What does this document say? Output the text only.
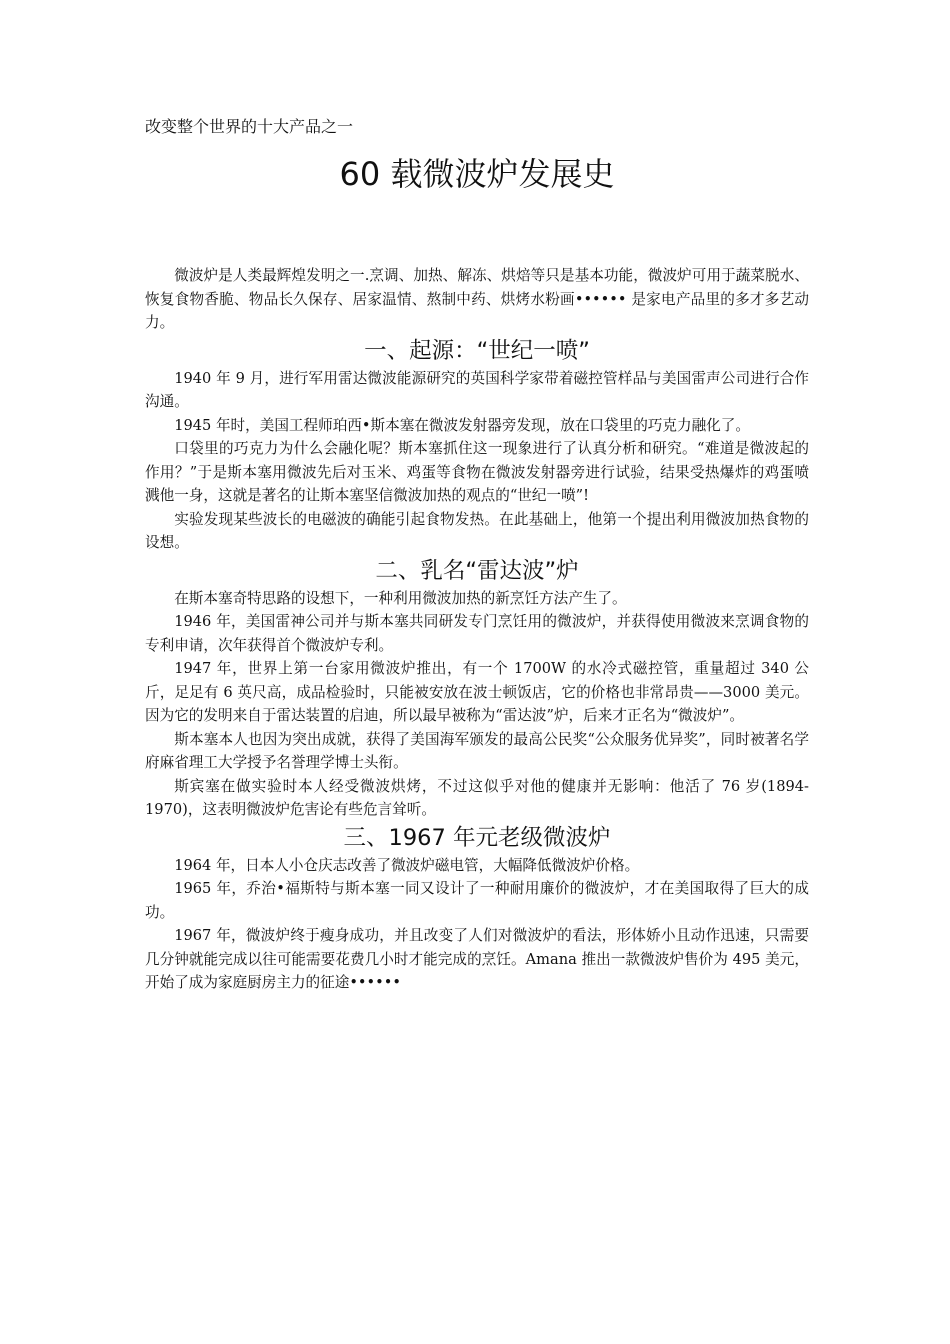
改变整个世界的十大产品之一
60 载微波炉发展史

微波炉是人类最辉煌发明之一.烹调、加热、解冻、烘焙等只是基本功能，微波炉可用于蔬菜脱水、恢复食物香脆、物品长久保存、居家温情、熬制中药、烘烤水粉画•••••• 是家电产品里的多才多艺动力。

一、起源：“世纪一喷”

1940 年 9 月，进行军用雷达微波能源研究的英国科学家带着磁控管样品与美国雷声公司进行合作沟通。

1945 年时，美国工程师珀西•斯本塞在微波发射器旁发现，放在口袋里的巧克力融化了。

口袋里的巧克力为什么会融化呢？斯本塞抓住这一现象进行了认真分析和研究。“难道是微波起的作用？”于是斯本塞用微波先后对玉米、鸡蛋等食物在微波发射器旁进行试验，结果受热爆炸的鸡蛋喷溅他一身，这就是著名的让斯本塞坚信微波加热的观点的“世纪一喷”!

实验发现某些波长的电磁波的确能引起食物发热。在此基础上，他第一个提出利用微波加热食物的设想。

二、乳名“雷达波”炉

在斯本塞奇特思路的设想下，一种利用微波加热的新烹饪方法产生了。

1946 年，美国雷神公司并与斯本塞共同研发专门烹饪用的微波炉，并获得使用微波来烹调食物的专利申请，次年获得首个微波炉专利。

1947 年，世界上第一台家用微波炉推出，有一个 1700W 的水冷式磁控管，重量超过 340 公斤，足足有 6 英尺高，成品检验时，只能被安放在波士顿饭店，它的价格也非常昂贵——3000 美元。因为它的发明来自于雷达装置的启迪，所以最早被称为“雷达波”炉，后来才正名为“微波炉”。

斯本塞本人也因为突出成就，获得了美国海军颁发的最高公民奖“公众服务优异奖”，同时被著名学府麻省理工大学授予名誉理学博士头衔。

斯宾塞在做实验时本人经受微波烘烤，不过这似乎对他的健康并无影响：他活了 76 岁(1894-1970)，这表明微波炉危害论有些危言耸听。

三、1967 年元老级微波炉

1964 年，日本人小仓庆志改善了微波炉磁电管，大幅降低微波炉价格。

1965 年，乔治•福斯特与斯本塞一同又设计了一种耐用廉价的微波炉，才在美国取得了巨大的成功。

1967 年，微波炉终于瘦身成功，并且改变了人们对微波炉的看法，形体娇小且动作迅速，只需要几分钟就能完成以往可能需要花费几小时才能完成的烹饪。Amana 推出一款微波炉售价为 495 美元，开始了成为家庭厨房主力的征途••••••
